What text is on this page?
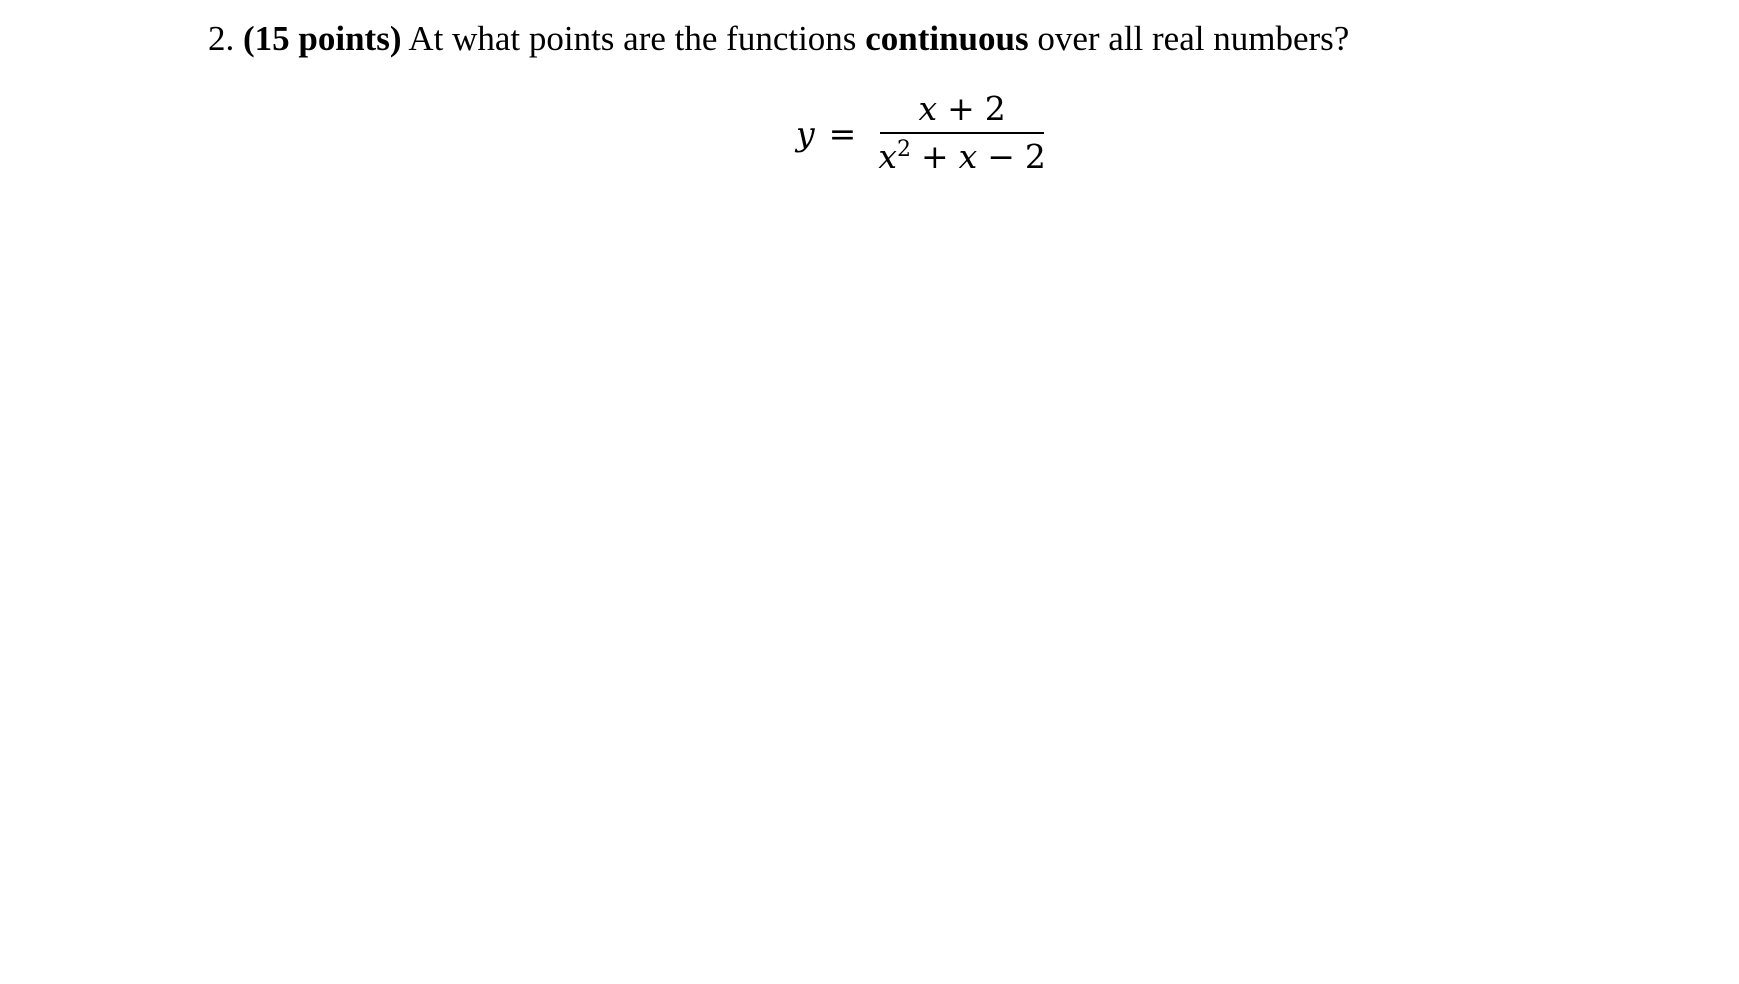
2. (15 points) At what points are the functions continuous over all real numbers?
$y = \frac{x + 2}{x^2 + x - 2}$
